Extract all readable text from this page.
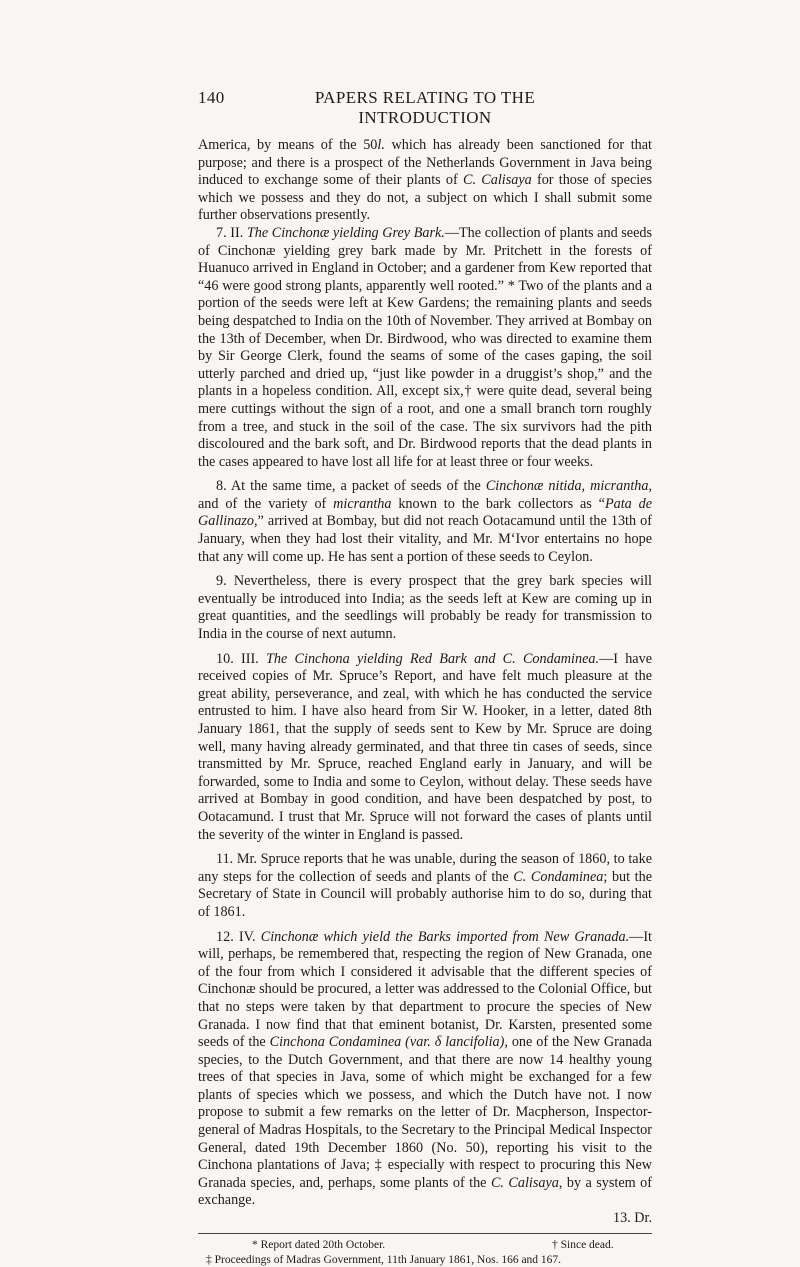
140	PAPERS RELATING TO THE INTRODUCTION

America, by means of the 50l. which has already been sanctioned for that purpose; and there is a prospect of the Netherlands Government in Java being induced to exchange some of their plants of C. Calisaya for those of species which we possess and they do not, a subject on which I shall submit some further observations presently.

7. II. The Cinchonæ yielding Grey Bark.—The collection of plants and seeds of Cinchonæ yielding grey bark made by Mr. Pritchett in the forests of Huanuco arrived in England in October; and a gardener from Kew reported that “46 were good strong plants, apparently well rooted.” * Two of the plants and a portion of the seeds were left at Kew Gardens; the remaining plants and seeds being despatched to India on the 10th of November. They arrived at Bombay on the 13th of December, when Dr. Birdwood, who was directed to examine them by Sir George Clerk, found the seams of some of the cases gaping, the soil utterly parched and dried up, “just like powder in a druggist’s shop,” and the plants in a hopeless condition. All, except six,† were quite dead, several being mere cuttings without the sign of a root, and one a small branch torn roughly from a tree, and stuck in the soil of the case. The six survivors had the pith discoloured and the bark soft, and Dr. Birdwood reports that the dead plants in the cases appeared to have lost all life for at least three or four weeks.

8. At the same time, a packet of seeds of the Cinchonæ nitida, micrantha, and of the variety of micrantha known to the bark collectors as “Pata de Gallinazo,” arrived at Bombay, but did not reach Ootacamund until the 13th of January, when they had lost their vitality, and Mr. M‘Ivor entertains no hope that any will come up. He has sent a portion of these seeds to Ceylon.

9. Nevertheless, there is every prospect that the grey bark species will eventually be introduced into India; as the seeds left at Kew are coming up in great quantities, and the seedlings will probably be ready for transmission to India in the course of next autumn.

10. III. The Cinchona yielding Red Bark and C. Condaminea.—I have received copies of Mr. Spruce’s Report, and have felt much pleasure at the great ability, perseverance, and zeal, with which he has conducted the service entrusted to him. I have also heard from Sir W. Hooker, in a letter, dated 8th January 1861, that the supply of seeds sent to Kew by Mr. Spruce are doing well, many having already germinated, and that three tin cases of seeds, since transmitted by Mr. Spruce, reached England early in January, and will be forwarded, some to India and some to Ceylon, without delay. These seeds have arrived at Bombay in good condition, and have been despatched by post, to Ootacamund. I trust that Mr. Spruce will not forward the cases of plants until the severity of the winter in England is passed.

11. Mr. Spruce reports that he was unable, during the season of 1860, to take any steps for the collection of seeds and plants of the C. Condaminea; but the Secretary of State in Council will probably authorise him to do so, during that of 1861.

12. IV. Cinchonæ which yield the Barks imported from New Granada.—It will, perhaps, be remembered that, respecting the region of New Granada, one of the four from which I considered it advisable that the different species of Cinchonæ should be procured, a letter was addressed to the Colonial Office, but that no steps were taken by that department to procure the species of New Granada. I now find that that eminent botanist, Dr. Karsten, presented some seeds of the Cinchona Condaminea (var. δ lancifolia), one of the New Granada species, to the Dutch Government, and that there are now 14 healthy young trees of that species in Java, some of which might be exchanged for a few plants of species which we possess, and which the Dutch have not. I now propose to submit a few remarks on the letter of Dr. Macpherson, Inspector-general of Madras Hospitals, to the Secretary to the Principal Medical Inspector General, dated 19th December 1860 (No. 50), reporting his visit to the Cinchona plantations of Java; ‡ especially with respect to procuring this New Granada species, and, perhaps, some plants of the C. Calisaya, by a system of exchange.

13. Dr.
* Report dated 20th October.	† Since dead.
‡ Proceedings of Madras Government, 11th January 1861, Nos. 166 and 167.
